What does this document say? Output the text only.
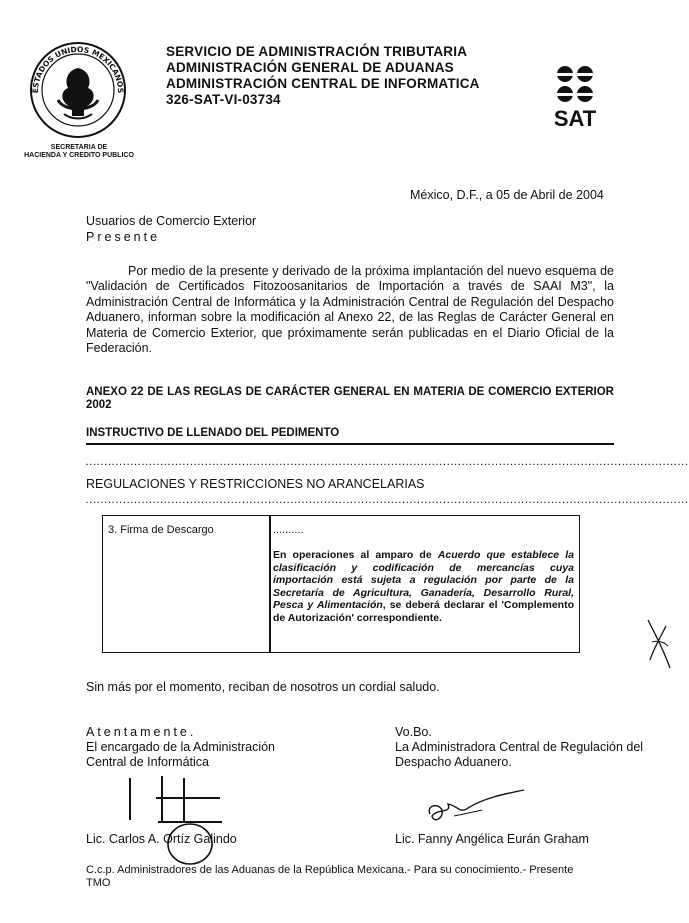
ESTADOS UNIDOS MEXICANOS
SECRETARIA DE
HACIENDA Y CREDITO PUBLICO
SERVICIO DE ADMINISTRACIÓN TRIBUTARIA
ADMINISTRACIÓN GENERAL DE ADUANAS
ADMINISTRACIÓN CENTRAL DE INFORMATICA
326-SAT-VI-03734
SAT
México, D.F., a 05 de Abril de 2004
Usuarios de Comercio Exterior
Presente
Por medio de la presente y derivado de la próxima implantación del nuevo esquema de "Validación de Certificados Fitozoosanitarios de Importación a través de SAAI M3", la Administración Central de Informática y la Administración Central de Regulación del Despacho Aduanero, informan sobre la modificación al Anexo 22, de las Reglas de Carácter General en Materia de Comercio Exterior, que próximamente serán publicadas en el Diario Oficial de la Federación.
ANEXO 22 DE LAS REGLAS DE CARÁCTER GENERAL EN MATERIA DE COMERCIO EXTERIOR 2002
INSTRUCTIVO DE LLENADO DEL PEDIMENTO
..................................................................................................................................................................
REGULACIONES Y RESTRICCIONES NO ARANCELARIAS
..................................................................................................................................................................
3. Firma de Descargo	..........
En operaciones al amparo de Acuerdo que establece la clasificación y codificación de mercancías cuya importación está sujeta a regulación por parte de la Secretaría de Agricultura, Ganadería, Desarrollo Rural, Pesca y Alimentación, se deberá declarar el 'Complemento de Autorización' correspondiente.
Sin más por el momento, reciban de nosotros un cordial saludo.
Atentamente.
El encargado de la Administración
Central de Informática
Vo.Bo.
La Administradora Central de Regulación del
Despacho Aduanero.
Lic. Carlos A. Ortíz Galindo	Lic. Fanny Angélica Eurán Graham
C.c.p. Administradores de las Aduanas de la República Mexicana.- Para su conocimiento.- Presente
TMO
